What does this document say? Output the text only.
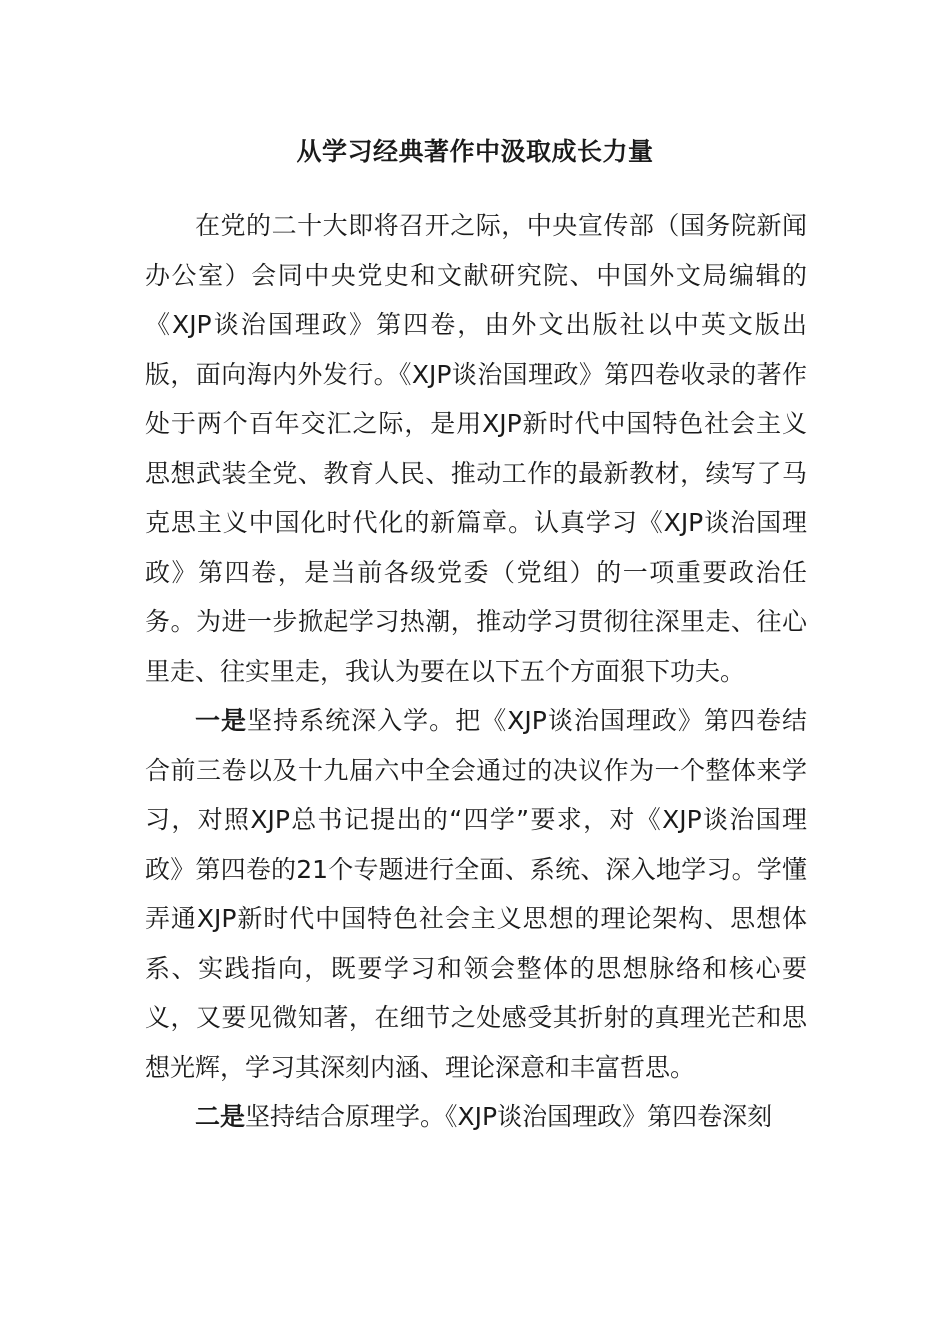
从学习经典著作中汲取成长力量

在党的二十大即将召开之际，中央宣传部（国务院新闻办公室）会同中央党史和文献研究院、中国外文局编辑的《XJP谈治国理政》第四卷，由外文出版社以中英文版出版，面向海内外发行。《XJP谈治国理政》第四卷收录的著作处于两个百年交汇之际，是用XJP新时代中国特色社会主义思想武装全党、教育人民、推动工作的最新教材，续写了马克思主义中国化时代化的新篇章。认真学习《XJP谈治国理政》第四卷，是当前各级党委（党组）的一项重要政治任务。为进一步掀起学习热潮，推动学习贯彻往深里走、往心里走、往实里走，我认为要在以下五个方面狠下功夫。

一是坚持系统深入学。把《XJP谈治国理政》第四卷结合前三卷以及十九届六中全会通过的决议作为一个整体来学习，对照XJP总书记提出的“四学”要求，对《XJP谈治国理政》第四卷的21个专题进行全面、系统、深入地学习。学懂弄通XJP新时代中国特色社会主义思想的理论架构、思想体系、实践指向，既要学习和领会整体的思想脉络和核心要义，又要见微知著，在细节之处感受其折射的真理光芒和思想光辉，学习其深刻内涵、理论深意和丰富哲思。

二是坚持结合原理学。《XJP谈治国理政》第四卷深刻
